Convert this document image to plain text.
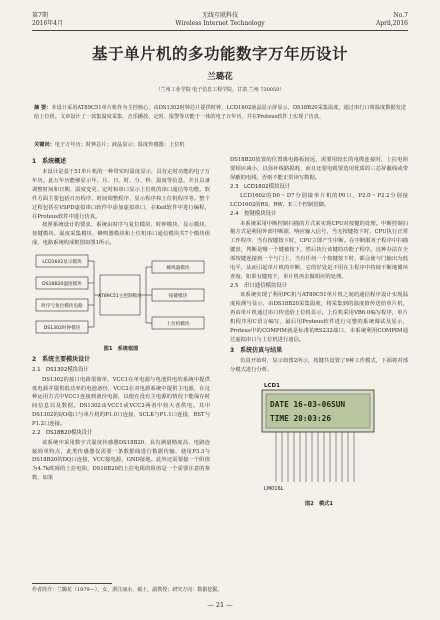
第7期
2016年4月
无线互联科技
Wireless Internet Technology
No.7
April,2016
基于单片机的多功能数字万年历设计
兰璐花
（兰州工业学院 电子信息工程学院，甘肃 兰州 730050）
摘 要：本设计采用AT89C51单片机作为主控核心，由DS1302时钟芯片提供时钟，LCD1602液晶显示屏显示，DS18B20采集温度，通过串行口将温度数据发送给上位机。文章设计了一款集温度采集、音乐播放、定时、报警等功能于一体的电子万年历，并在Proteus软件上实现了仿真。
关键词：电子万年历；时钟芯片；液晶显示；温度传感器；上位机
1　系统概述

本设计是基于51单片机的一种带实时温度显示，具有定时功能的电子万年历。此万年历能够显示年、月、日、时、分、秒、温度等信息，并且具备调整时间和日期、温度变更、定时和串口显示上位机的串口通信等功能。软件方面主要包括日历程序、时间调整程序、显示程序和上位机程序等。整个过程包括在VSPD虚拟串口软件中添加虚拟串口，在Keil软件中进行编程，在Proteus软件中进行仿真。

按照系统设计的要求，系统由时序与复位模块、时钟模块、显示模块、按键模块、温度采集模块、蜂鸣器模块和上位机串口通信模块共7个模块组成，电路系统构成框图如图1所示。

LCD1602显示模块
DS18B20温度模块
时序与复位模块电路
DS1302时钟模块
AT89C51主控制模块
蜂鸣器模块
按键模块
上位机模块
图1　系统框图
2　系统主要模块设计
2.1　DS1302模块设计

DS1302的接口电路很简单，VCC1在单电源与电池供电的系统中提供低电源并提供低功率的电池备份，VCC2在双电源系统中提供主电源，在这种运用方式中VCC1连接到备份电源，以便在没有主电源的情况下能保存时间信息以及数据。DS1302由VCC1或VCC2两者中较大者供电。其中DS1302的I/O端口与单片机的P1.0口连接，SCLK与P1.1口连接，RST与P1.2口连接。

2.2　DS18B20模块设计

该系统中采用数字式温度传感器DS18B20，具有测量精度高、电路连接简单特点，此类传感器仅需要一条数据线进行数据传输，使用P3.3与DS18B20的DQ口连接，VCC接电源，GND接地。此外还需要接一个阻值为4.7k欧姆的上拉电阻，DS18B20的上拉电阻的阻值是一个需要注意的参数，如果

DS18B20放置的位置离电路板较远，需要用较长的电缆连接时，上拉电阻要相应减小，以弥补线路损耗，而且还要电缆要选用优质的三芯屏蔽线或带屏蔽的电线，否则不能正常读写数据。

2.3　LCD1602模块设计

LCD1602的D0～D7分别接单片机的P0口，P2.0～P2.2分别接LCD1602的RS，RW，E三个控制管脚。

2.4　按键模块设计

本系统采用中断控制扫描的方式来实现CPU对按键的处理。中断控制扫描方式是利用外部中断源，响应输入信号，当无按键按下时，CPU执行正常工作程序，当有按键按下时，CPU立即产生中断。在中断服务子程序中扫描键盘，判断是哪一个键被按下，然后执行该键的功能子程序。这种办法在全部按键连接到一个与门上，当有任何一个按键按下时，都会使与门输出为低电平，从而引起单片机的中断，它的好处是不用在主程序中持续不断地循环查询，如果有键按下，单片机再去做相应的处理。

2.5　串口通信模块设计

该系统实现了利用PC机与AT89C51单片机之间的通信程序设计实现温度检测与显示，由DS18B20采集温度，将采集到的温度值传送给单片机，再由单片机通过串口传送给上位机显示，上位机采用VB6.0编写程序，单片机程序用C语言编写，最后用Proteus软件进行完整的系统调试及显示，Proteus中的COMPIM就是标准的RS232端口，本系统利用COMPIM通过虚拟串口与上位机进行通信。

3　系统仿真与结果

仿真开始时，显示如图2所示，按键共设置了9种工作模式，下面将对部分模式进行分析。

LCD1
DATE 16-03-06SUN
TIME 20:03:26
LM016L
图2　模式1
作者简介：兰璐花（1979—），女，浙江丽水，硕士，副教授；研究方向：数据挖掘。
— 21 —
